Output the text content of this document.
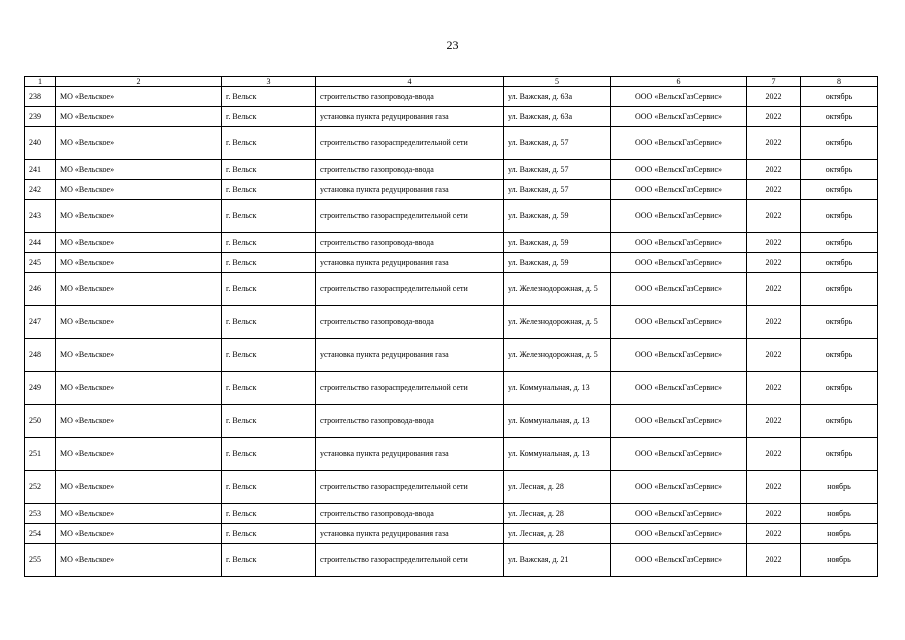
23
1	2	3	4	5	6	7	8
238	МО «Вельское»	г. Вельск	строительство газопровода-ввода	ул. Важская, д. 63а	ООО «ВельскГазСервис»	2022	октябрь
239	МО «Вельское»	г. Вельск	установка пункта редуцирования газа	ул. Важская, д. 63а	ООО «ВельскГазСервис»	2022	октябрь
240	МО «Вельское»	г. Вельск	строительство газораспределительной сети	ул. Важская, д. 57	ООО «ВельскГазСервис»	2022	октябрь
241	МО «Вельское»	г. Вельск	строительство газопровода-ввода	ул. Важская, д. 57	ООО «ВельскГазСервис»	2022	октябрь
242	МО «Вельское»	г. Вельск	установка пункта редуцирования газа	ул. Важская, д. 57	ООО «ВельскГазСервис»	2022	октябрь
243	МО «Вельское»	г. Вельск	строительство газораспределительной сети	ул. Важская, д. 59	ООО «ВельскГазСервис»	2022	октябрь
244	МО «Вельское»	г. Вельск	строительство газопровода-ввода	ул. Важская, д. 59	ООО «ВельскГазСервис»	2022	октябрь
245	МО «Вельское»	г. Вельск	установка пункта редуцирования газа	ул. Важская, д. 59	ООО «ВельскГазСервис»	2022	октябрь
246	МО «Вельское»	г. Вельск	строительство газораспределительной сети	ул. Железнодорожная, д. 5	ООО «ВельскГазСервис»	2022	октябрь
247	МО «Вельское»	г. Вельск	строительство газопровода-ввода	ул. Железнодорожная, д. 5	ООО «ВельскГазСервис»	2022	октябрь
248	МО «Вельское»	г. Вельск	установка пункта редуцирования газа	ул. Железнодорожная, д. 5	ООО «ВельскГазСервис»	2022	октябрь
249	МО «Вельское»	г. Вельск	строительство газораспределительной сети	ул. Коммунальная, д. 13	ООО «ВельскГазСервис»	2022	октябрь
250	МО «Вельское»	г. Вельск	строительство газопровода-ввода	ул. Коммунальная, д. 13	ООО «ВельскГазСервис»	2022	октябрь
251	МО «Вельское»	г. Вельск	установка пункта редуцирования газа	ул. Коммунальная, д. 13	ООО «ВельскГазСервис»	2022	октябрь
252	МО «Вельское»	г. Вельск	строительство газораспределительной сети	ул. Лесная, д. 28	ООО «ВельскГазСервис»	2022	ноябрь
253	МО «Вельское»	г. Вельск	строительство газопровода-ввода	ул. Лесная, д. 28	ООО «ВельскГазСервис»	2022	ноябрь
254	МО «Вельское»	г. Вельск	установка пункта редуцирования газа	ул. Лесная, д. 28	ООО «ВельскГазСервис»	2022	ноябрь
255	МО «Вельское»	г. Вельск	строительство газораспределительной сети	ул. Важская, д. 21	ООО «ВельскГазСервис»	2022	ноябрь
